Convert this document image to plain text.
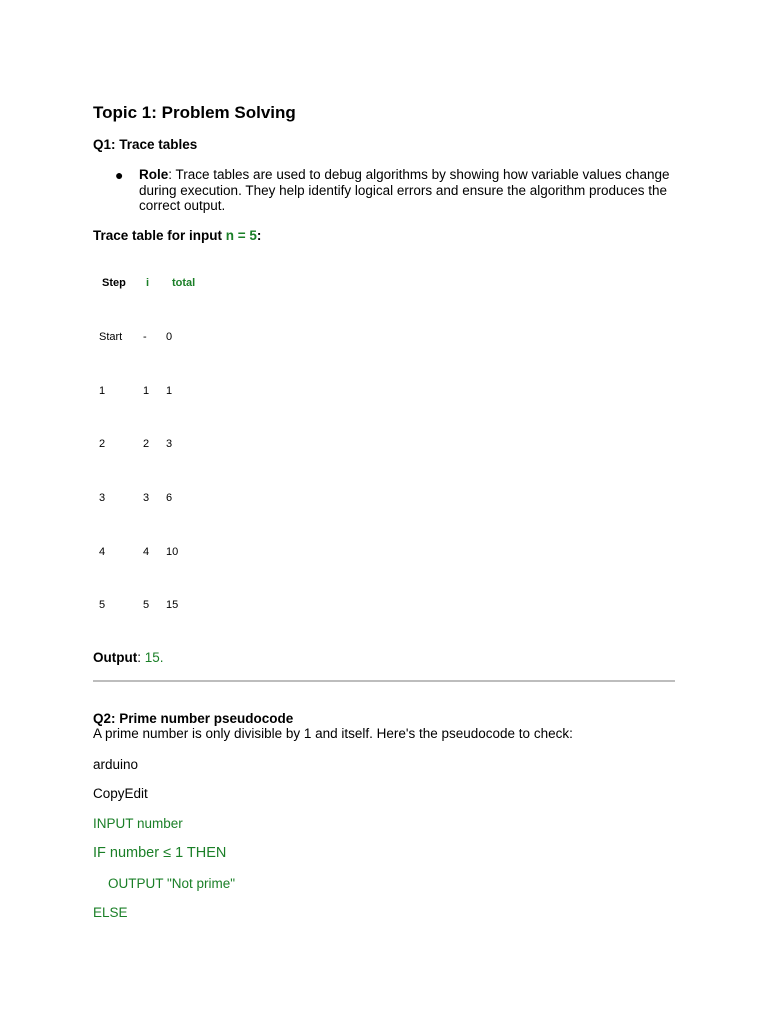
Topic 1: Problem Solving
Q1: Trace tables
● Role: Trace tables are used to debug algorithms by showing how variable values change during execution. They help identify logical errors and ensure the algorithm produces the correct output.
Trace table for input n = 5:
Step i total
Start - 0
1	1 1
2	2 3
3	3 6
4	4 10
5	5 15
Output: 15.
Q2: Prime number pseudocode
A prime number is only divisible by 1 and itself. Here's the pseudocode to check:
arduino
CopyEdit
INPUT number
IF number ≤ 1 THEN
OUTPUT "Not prime"
ELSE
